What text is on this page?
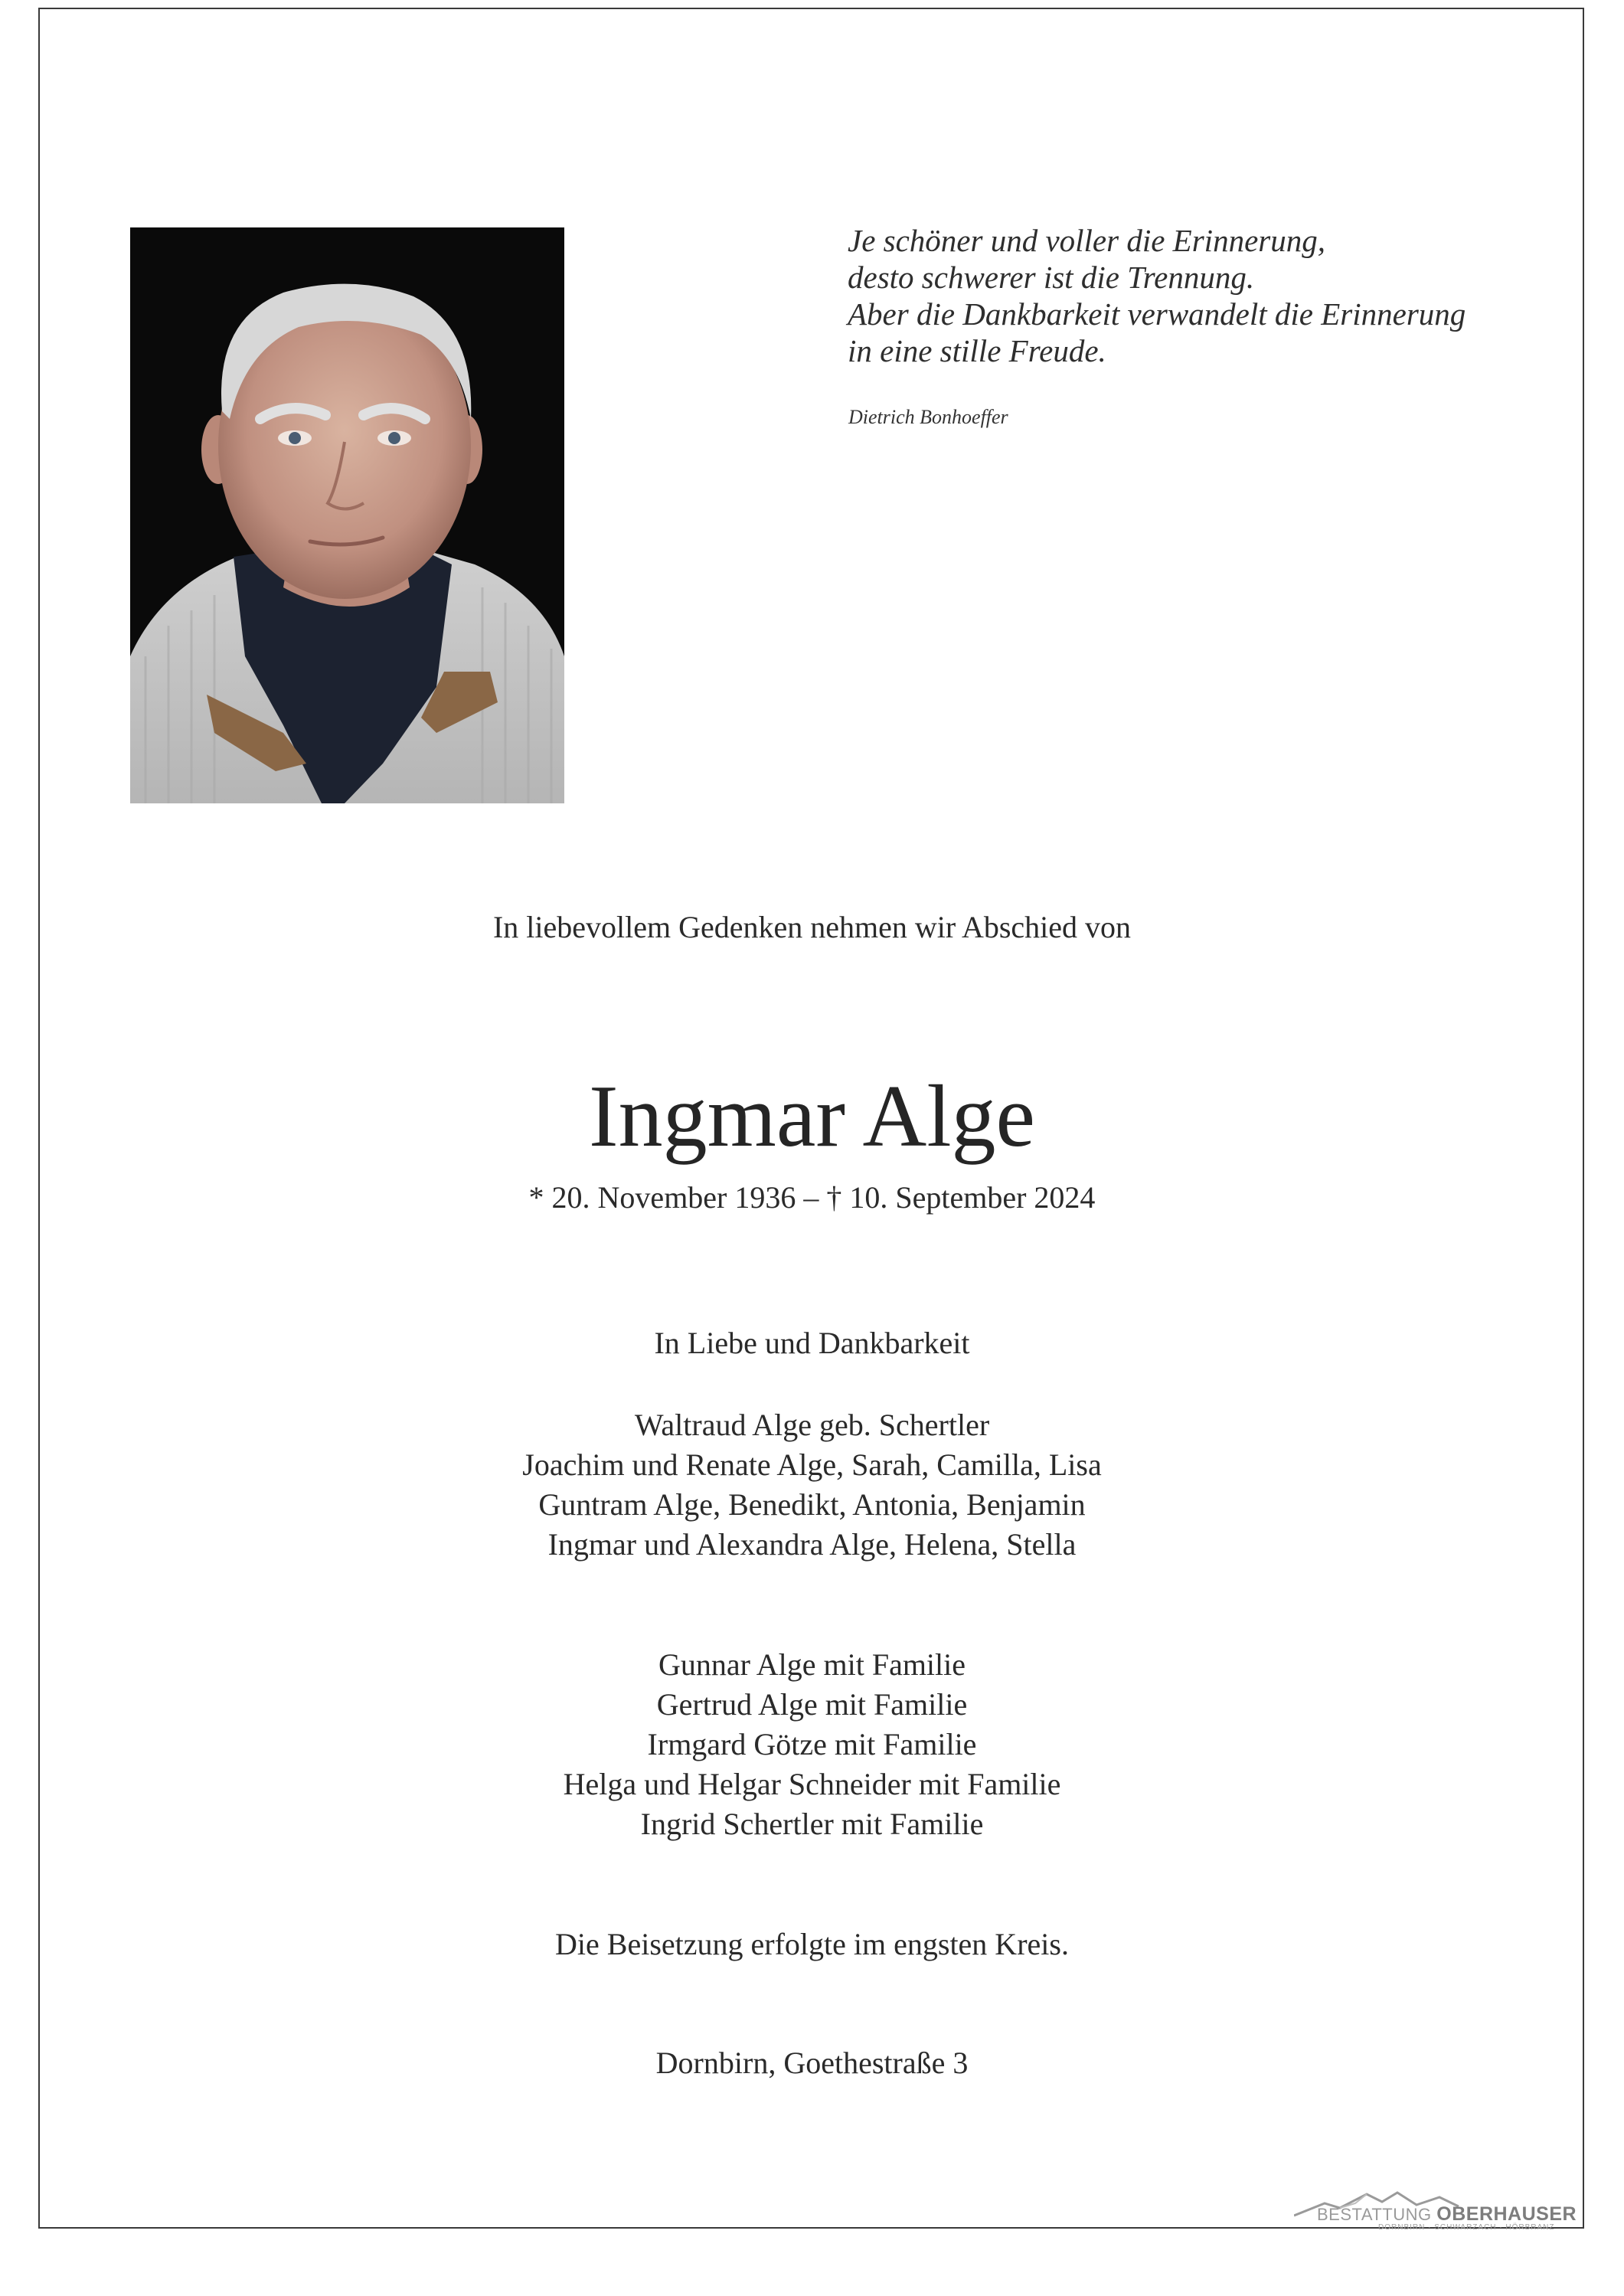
Je schöner und voller die Erinnerung,
desto schwerer ist die Trennung.
Aber die Dankbarkeit verwandelt die Erinnerung
in eine stille Freude.
Dietrich Bonhoeffer
In liebevollem Gedenken nehmen wir Abschied von
Ingmar Alge
* 20. November 1936 – † 10. September 2024
In Liebe und Dankbarkeit
Waltraud Alge geb. Schertler
Joachim und Renate Alge, Sarah, Camilla, Lisa
Guntram Alge, Benedikt, Antonia, Benjamin
Ingmar und Alexandra Alge, Helena, Stella
Gunnar Alge mit Familie
Gertrud Alge mit Familie
Irmgard Götze mit Familie
Helga und Helgar Schneider mit Familie
Ingrid Schertler mit Familie
Die Beisetzung erfolgte im engsten Kreis.
Dornbirn, Goethestraße 3
BESTATTUNG OBERHAUSER
DORNBIRN · SCHWARZACH · HÖRBRANZ
